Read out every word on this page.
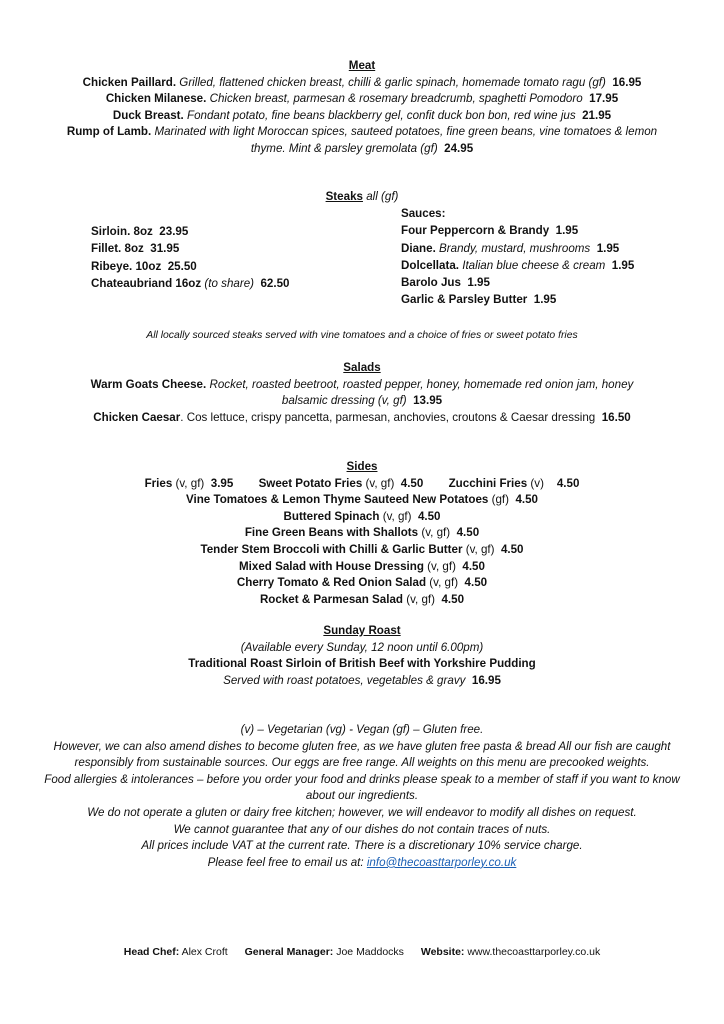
Meat
Chicken Paillard. Grilled, flattened chicken breast, chilli & garlic spinach, homemade tomato ragu (gf) 16.95
Chicken Milanese. Chicken breast, parmesan & rosemary breadcrumb, spaghetti Pomodoro 17.95
Duck Breast. Fondant potato, fine beans blackberry gel, confit duck bon bon, red wine jus 21.95
Rump of Lamb. Marinated with light Moroccan spices, sauteed potatoes, fine green beans, vine tomatoes & lemon thyme. Mint & parsley gremolata (gf) 24.95
Steaks all (gf)
Sirloin. 8oz 23.95
Fillet. 8oz 31.95
Ribeye. 10oz 25.50
Chateaubriand 16oz (to share) 62.50
Sauces:
Four Peppercorn & Brandy 1.95
Diane. Brandy, mustard, mushrooms 1.95
Dolcellata. Italian blue cheese & cream 1.95
Barolo Jus 1.95
Garlic & Parsley Butter 1.95
All locally sourced steaks served with vine tomatoes and a choice of fries or sweet potato fries
Salads
Warm Goats Cheese. Rocket, roasted beetroot, roasted pepper, honey, homemade red onion jam, honey balsamic dressing (v, gf) 13.95
Chicken Caesar. Cos lettuce, crispy pancetta, parmesan, anchovies, croutons & Caesar dressing 16.50
Sides
Fries (v, gf) 3.95 Sweet Potato Fries (v, gf) 4.50 Zucchini Fries (v) 4.50
Vine Tomatoes & Lemon Thyme Sauteed New Potatoes (gf) 4.50
Buttered Spinach (v, gf) 4.50
Fine Green Beans with Shallots (v, gf) 4.50
Tender Stem Broccoli with Chilli & Garlic Butter (v, gf) 4.50
Mixed Salad with House Dressing (v, gf) 4.50
Cherry Tomato & Red Onion Salad (v, gf) 4.50
Rocket & Parmesan Salad (v, gf) 4.50
Sunday Roast
(Available every Sunday, 12 noon until 6.00pm)
Traditional Roast Sirloin of British Beef with Yorkshire Pudding
Served with roast potatoes, vegetables & gravy 16.95
(v) – Vegetarian (vg) - Vegan (gf) – Gluten free.
However, we can also amend dishes to become gluten free, as we have gluten free pasta & bread All our fish are caught responsibly from sustainable sources. Our eggs are free range. All weights on this menu are precooked weights.
Food allergies & intolerances – before you order your food and drinks please speak to a member of staff if you want to know about our ingredients.
We do not operate a gluten or dairy free kitchen; however, we will endeavor to modify all dishes on request.
We cannot guarantee that any of our dishes do not contain traces of nuts.
All prices include VAT at the current rate. There is a discretionary 10% service charge.
Please feel free to email us at: info@thecoasttarporley.co.uk
Head Chef: Alex Croft General Manager: Joe Maddocks Website: www.thecoasttarporley.co.uk
